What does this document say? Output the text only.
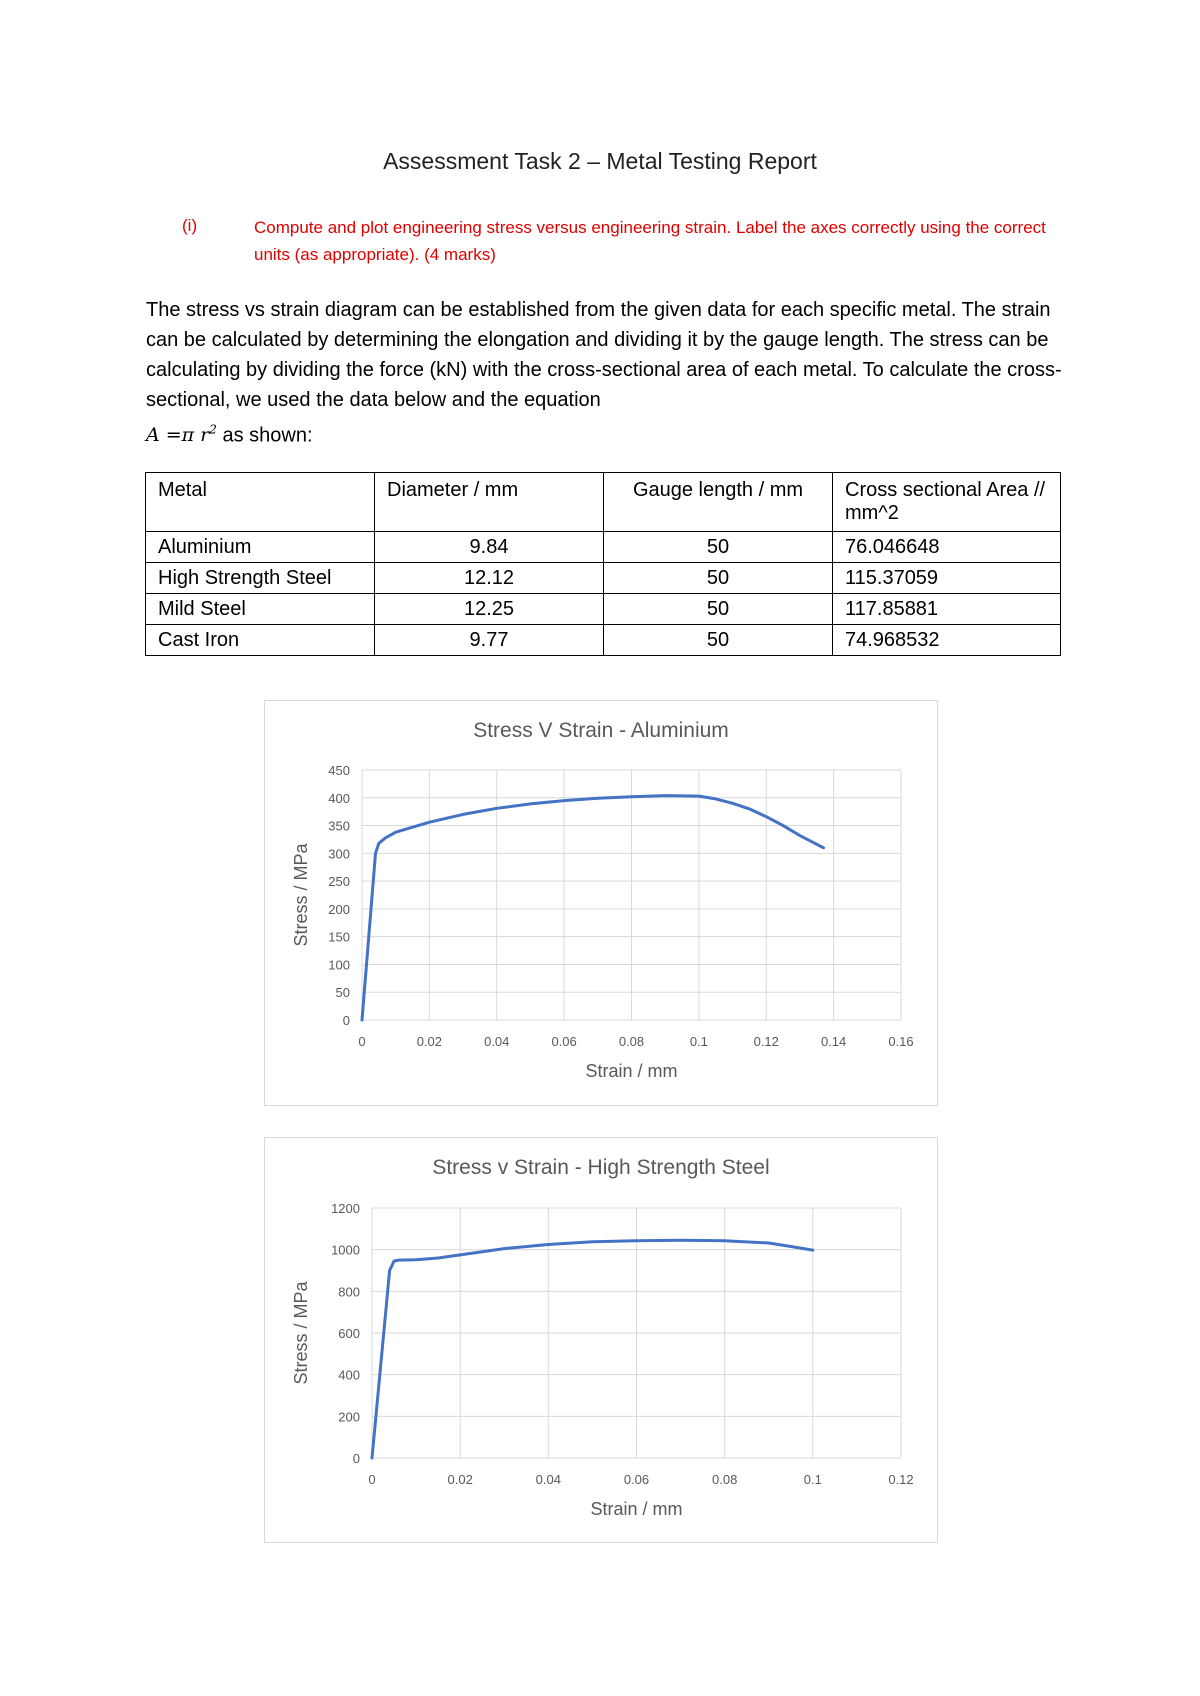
Assessment Task 2 – Metal Testing Report
(i)	Compute and plot engineering stress versus engineering strain. Label the axes correctly using the correct units (as appropriate). (4 marks)
The stress vs strain diagram can be established from the given data for each specific metal. The strain can be calculated by determining the elongation and dividing it by the gauge length. The stress can be calculating by dividing the force (kN) with the cross-sectional area of each metal. To calculate the cross-sectional, we used the data below and the equation
A =π $r^2$ as shown:
Metal	Diameter / mm	Gauge length / mm	Cross sectional Area // mm^2
Aluminium	9.84	50	76.046648
High Strength Steel	12.12	50	115.37059
Mild Steel	12.25	50	117.85881
Cast Iron	9.77	50	74.968532
Stress V Strain - Aluminium
0
50
100
150
200
250
300
350
400
450
0	0.02	0.04	0.06	0.08	0.1	0.12	0.14	0.16
Strain / mm
Stress / MPa
Stress v Strain - High Strength Steel
0
200
400
600
800
1000
1200
0	0.02	0.04	0.06	0.08	0.1	0.12
Strain / mm
Stress / MPa
